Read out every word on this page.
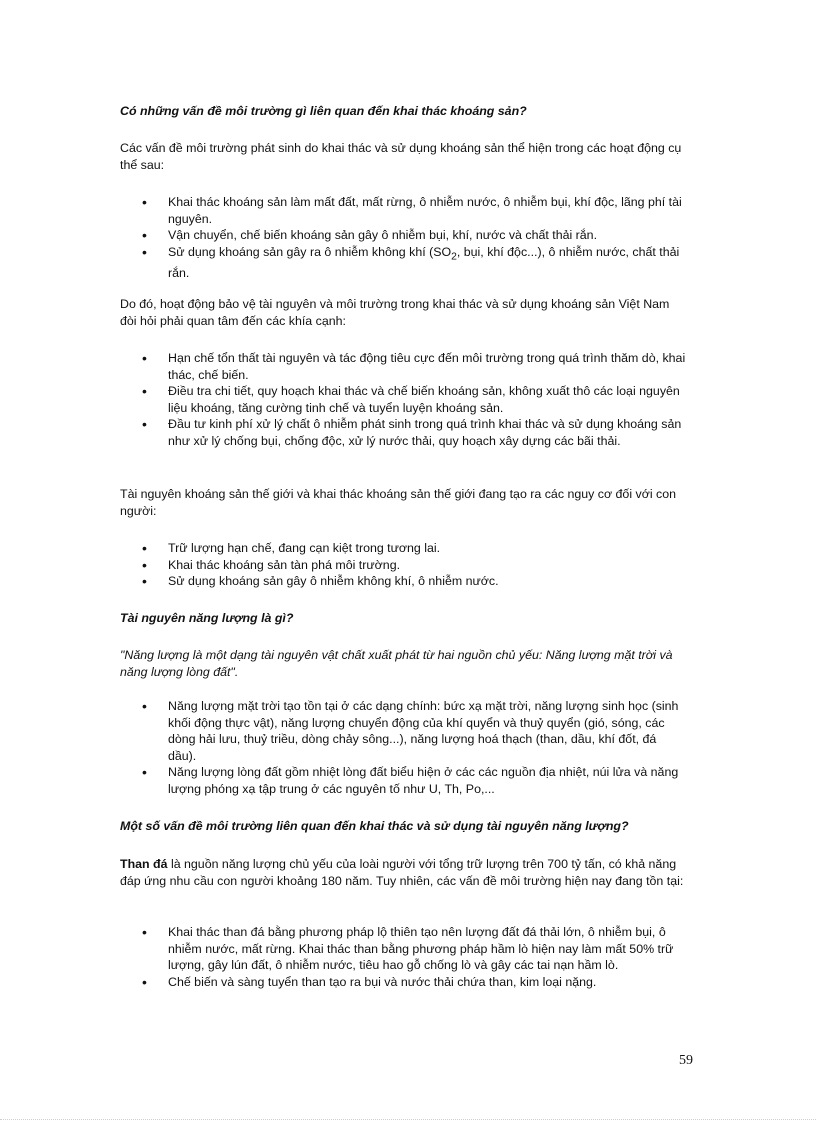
Có những vấn đề môi trường gì liên quan đến khai thác khoáng sản?

Các vấn đề môi trường phát sinh do khai thác và sử dụng khoáng sản thể hiện trong các hoạt động cụ thể sau:

• Khai thác khoáng sản làm mất đất, mất rừng, ô nhiễm nước, ô nhiễm bụi, khí độc, lãng phí tài nguyên.
• Vận chuyển, chế biến khoáng sản gây ô nhiễm bụi, khí, nước và chất thải rắn.
• Sử dụng khoáng sản gây ra ô nhiễm không khí ($SO_2$, bụi, khí độc...), ô nhiễm nước, chất thải rắn.

Do đó, hoạt động bảo vệ tài nguyên và môi trường trong khai thác và sử dụng khoáng sản Việt Nam đòi hỏi phải quan tâm đến các khía cạnh:

• Hạn chế tổn thất tài nguyên và tác động tiêu cực đến môi trường trong quá trình thăm dò, khai thác, chế biến.
• Điều tra chi tiết, quy hoạch khai thác và chế biến khoáng sản, không xuất thô các loại nguyên liệu khoáng, tăng cường tinh chế và tuyển luyện khoáng sản.
• Đầu tư kinh phí xử lý chất ô nhiễm phát sinh trong quá trình khai thác và sử dụng khoáng sản như xử lý chống bụi, chống độc, xử lý nước thải, quy hoạch xây dựng các bãi thải.

Tài nguyên khoáng sản thế giới và khai thác khoáng sản thế giới đang tạo ra các nguy cơ đối với con người:

• Trữ lượng hạn chế, đang cạn kiệt trong tương lai.
• Khai thác khoáng sản tàn phá môi trường.
• Sử dụng khoáng sản gây ô nhiễm không khí, ô nhiễm nước.
Tài nguyên năng lượng là gì?

"Năng lượng là một dạng tài nguyên vật chất xuất phát từ hai nguồn chủ yếu: Năng lượng mặt trời và năng lượng lòng đất".

• Năng lượng mặt trời tạo tồn tại ở các dạng chính: bức xạ mặt trời, năng lượng sinh học (sinh khối động thực vật), năng lượng chuyển động của khí quyển và thuỷ quyển (gió, sóng, các dòng hải lưu, thuỷ triều, dòng chảy sông...), năng lượng hoá thạch (than, dầu, khí đốt, đá dầu).
• Năng lượng lòng đất gồm nhiệt lòng đất biểu hiện ở các các nguồn địa nhiệt, núi lửa và năng lượng phóng xạ tập trung ở các nguyên tố như U, Th, Po,...
Một số vấn đề môi trường liên quan đến khai thác và sử dụng tài nguyên năng lượng?

Than đá là nguồn năng lượng chủ yếu của loài người với tổng trữ lượng trên 700 tỷ tấn, có khả năng đáp ứng nhu cầu con người khoảng 180 năm. Tuy nhiên, các vấn đề môi trường hiện nay đang tồn tại:

• Khai thác than đá bằng phương pháp lộ thiên tạo nên lượng đất đá thải lớn, ô nhiễm bụi, ô nhiễm nước, mất rừng. Khai thác than bằng phương pháp hầm lò hiện nay làm mất 50% trữ lượng, gây lún đất, ô nhiễm nước, tiêu hao gỗ chống lò và gây các tai nạn hầm lò.
• Chế biến và sàng tuyển than tạo ra bụi và nước thải chứa than, kim loại nặng.
59
